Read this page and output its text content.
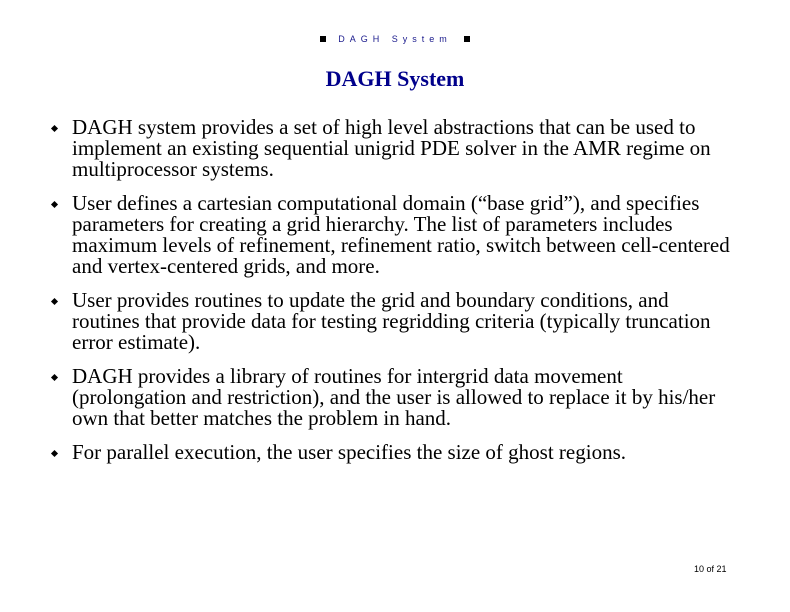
DAGH System
DAGH System
DAGH system provides a set of high level abstractions that can be used to implement an existing sequential unigrid PDE solver in the AMR regime on multiprocessor systems.
User defines a cartesian computational domain (“base grid”), and specifies parameters for creating a grid hierarchy. The list of parameters includes maximum levels of refinement, refinement ratio, switch between cell-centered and vertex-centered grids, and more.
User provides routines to update the grid and boundary conditions, and routines that provide data for testing regridding criteria (typically truncation error estimate).
DAGH provides a library of routines for intergrid data movement (prolongation and restriction), and the user is allowed to replace it by his/her own that better matches the problem in hand.
For parallel execution, the user specifies the size of ghost regions.
10 of 21
